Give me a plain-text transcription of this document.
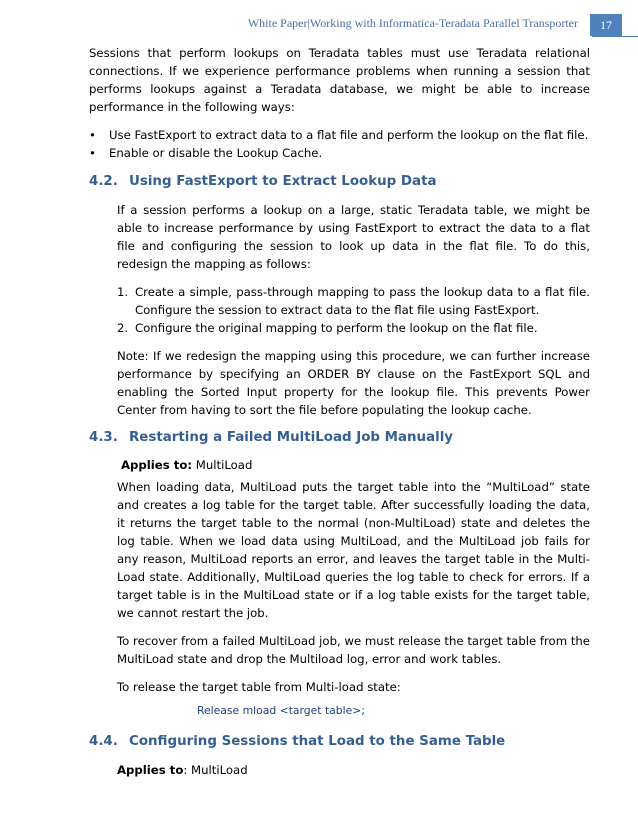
White Paper|Working with Informatica-Teradata Parallel Transporter	17

Sessions that perform lookups on Teradata tables must use Teradata relational connections. If we experience performance problems when running a session that performs lookups against a Teradata database, we might be able to increase performance in the following ways:

• Use FastExport to extract data to a flat file and perform the lookup on the flat file.
• Enable or disable the Lookup Cache.
4.2. Using FastExport to Extract Lookup Data

If a session performs a lookup on a large, static Teradata table, we might be able to increase performance by using FastExport to extract the data to a flat file and configuring the session to look up data in the flat file. To do this, redesign the mapping as follows:

1. Create a simple, pass-through mapping to pass the lookup data to a flat file. Configure the session to extract data to the flat file using FastExport.
2. Configure the original mapping to perform the lookup on the flat file.

Note: If we redesign the mapping using this procedure, we can further increase performance by specifying an ORDER BY clause on the FastExport SQL and enabling the Sorted Input property for the lookup file. This prevents Power Center from having to sort the file before populating the lookup cache.

4.3. Restarting a Failed MultiLoad Job Manually

Applies to: MultiLoad

When loading data, MultiLoad puts the target table into the “MultiLoad” state and creates a log table for the target table. After successfully loading the data, it returns the target table to the normal (non-MultiLoad) state and deletes the log table. When we load data using MultiLoad, and the MultiLoad job fails for any reason, MultiLoad reports an error, and leaves the target table in the Multi-Load state. Additionally, MultiLoad queries the log table to check for errors. If a target table is in the MultiLoad state or if a log table exists for the target table, we cannot restart the job.

To recover from a failed MultiLoad job, we must release the target table from the MultiLoad state and drop the Multiload log, error and work tables.

To release the target table from Multi-load state:

Release mload <target table>;

4.4. Configuring Sessions that Load to the Same Table

Applies to: MultiLoad
